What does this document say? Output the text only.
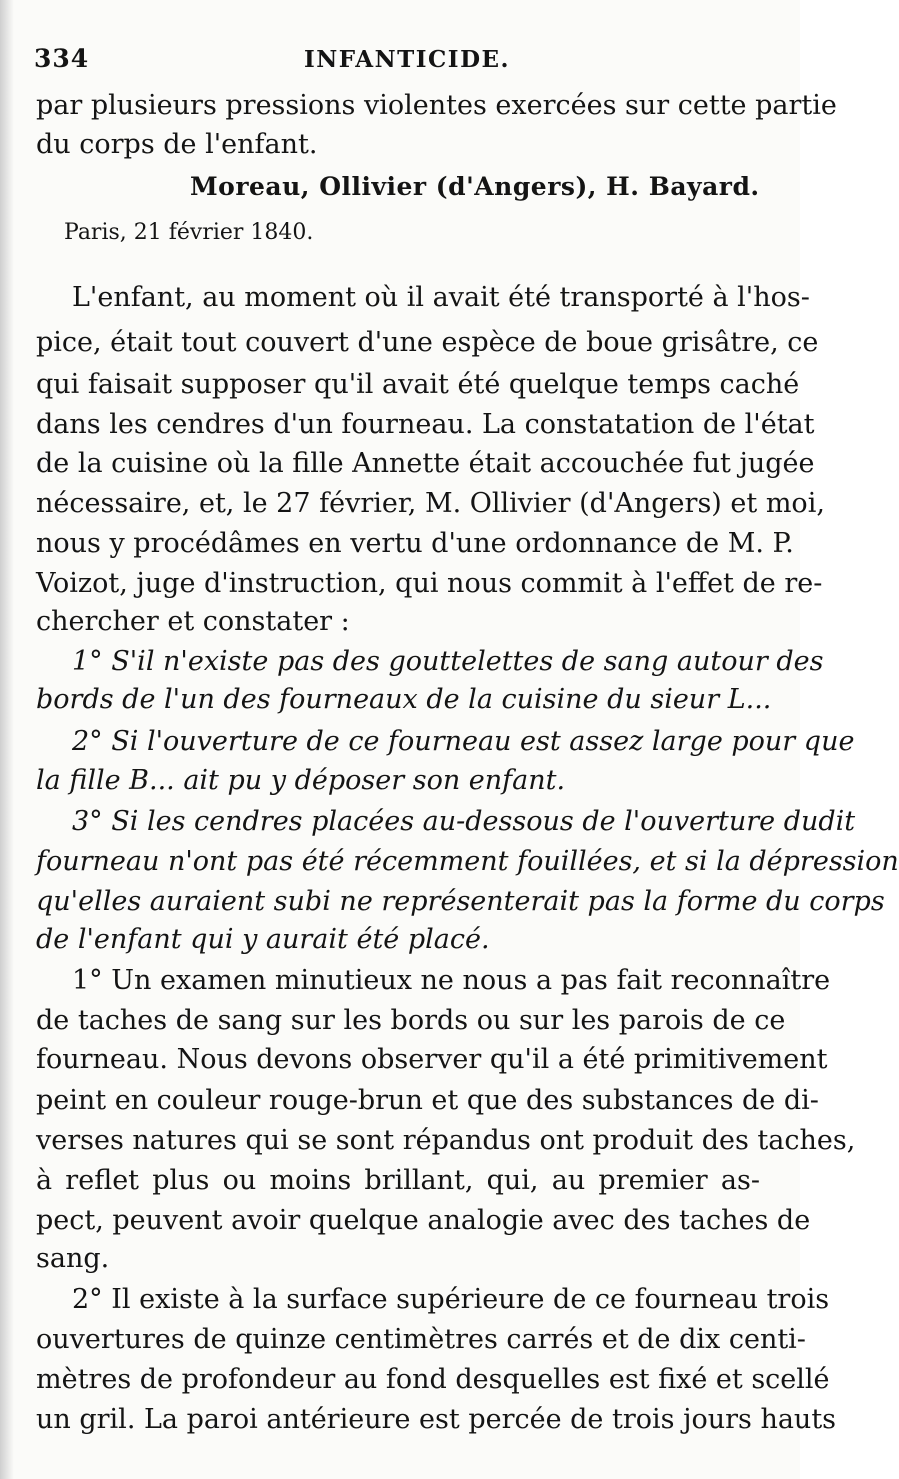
334	INFANTICIDE.
par plusieurs pressions violentes exercées sur cette partie
du corps de l'enfant.
Moreau, Ollivier (d'Angers), H. Bayard.
Paris, 21 février 1840.
L'enfant, au moment où il avait été transporté à l'hos-
pice, était tout couvert d'une espèce de boue grisâtre, ce
qui faisait supposer qu'il avait été quelque temps caché
dans les cendres d'un fourneau. La constatation de l'état
de la cuisine où la fille Annette était accouchée fut jugée
nécessaire, et, le 27 février, M. Ollivier (d'Angers) et moi,
nous y procédâmes en vertu d'une ordonnance de M. P.
Voizot, juge d'instruction, qui nous commit à l'effet de re-
chercher et constater :
1° S'il n'existe pas des gouttelettes de sang autour des
bords de l'un des fourneaux de la cuisine du sieur L...
2° Si l'ouverture de ce fourneau est assez large pour que
la fille B... ait pu y déposer son enfant.
3° Si les cendres placées au-dessous de l'ouverture dudit
fourneau n'ont pas été récemment fouillées, et si la dépression
qu'elles auraient subi ne représenterait pas la forme du corps
de l'enfant qui y aurait été placé.
1° Un examen minutieux ne nous a pas fait reconnaître
de taches de sang sur les bords ou sur les parois de ce
fourneau. Nous devons observer qu'il a été primitivement
peint en couleur rouge-brun et que des substances de di-
verses natures qui se sont répandus ont produit des taches,
à reflet plus ou moins brillant, qui, au premier as-
pect, peuvent avoir quelque analogie avec des taches de
sang.
2° Il existe à la surface supérieure de ce fourneau trois
ouvertures de quinze centimètres carrés et de dix centi-
mètres de profondeur au fond desquelles est fixé et scellé
un gril. La paroi antérieure est percée de trois jours hauts
